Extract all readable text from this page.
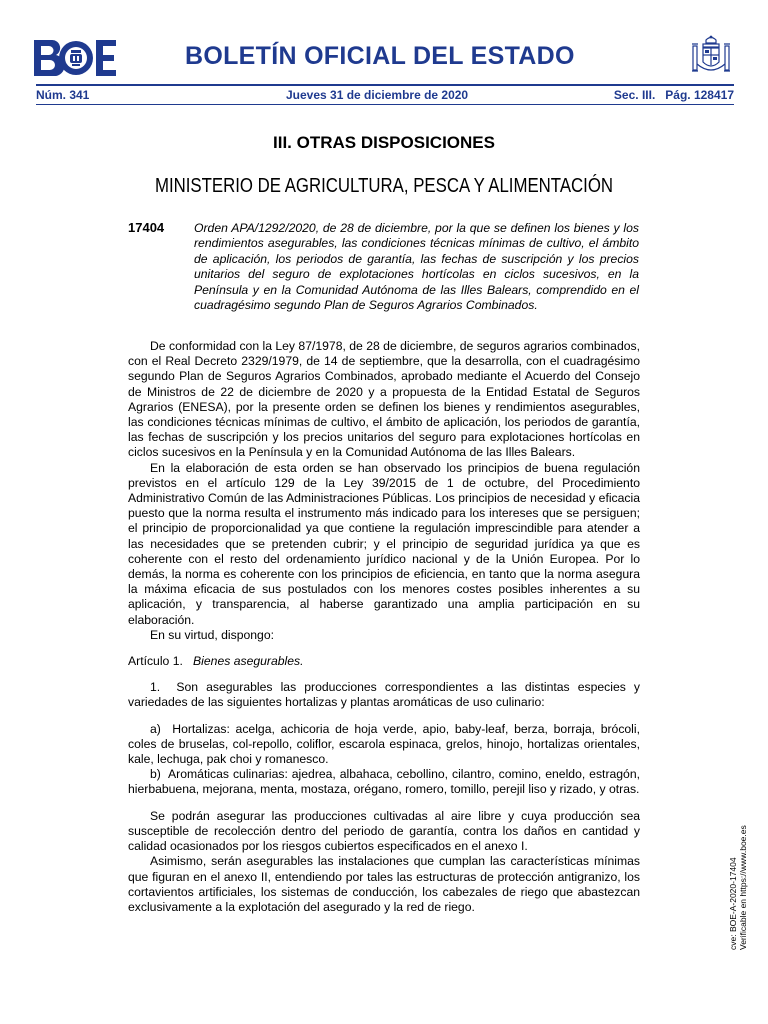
BOLETÍN OFICIAL DEL ESTADO
Núm. 341	Jueves 31 de diciembre de 2020	Sec. III.   Pág. 128417
III. OTRAS DISPOSICIONES
MINISTERIO DE AGRICULTURA, PESCA Y ALIMENTACIÓN
17404 Orden APA/1292/2020, de 28 de diciembre, por la que se definen los bienes y los rendimientos asegurables, las condiciones técnicas mínimas de cultivo, el ámbito de aplicación, los periodos de garantía, las fechas de suscripción y los precios unitarios del seguro de explotaciones hortícolas en ciclos sucesivos, en la Península y en la Comunidad Autónoma de las Illes Balears, comprendido en el cuadragésimo segundo Plan de Seguros Agrarios Combinados.

De conformidad con la Ley 87/1978, de 28 de diciembre, de seguros agrarios combinados, con el Real Decreto 2329/1979, de 14 de septiembre, que la desarrolla, con el cuadragésimo segundo Plan de Seguros Agrarios Combinados, aprobado mediante el Acuerdo del Consejo de Ministros de 22 de diciembre de 2020 y a propuesta de la Entidad Estatal de Seguros Agrarios (ENESA), por la presente orden se definen los bienes y rendimientos asegurables, las condiciones técnicas mínimas de cultivo, el ámbito de aplicación, los periodos de garantía, las fechas de suscripción y los precios unitarios del seguro para explotaciones hortícolas en ciclos sucesivos en la Península y en la Comunidad Autónoma de las Illes Balears.

En la elaboración de esta orden se han observado los principios de buena regulación previstos en el artículo 129 de la Ley 39/2015 de 1 de octubre, del Procedimiento Administrativo Común de las Administraciones Públicas. Los principios de necesidad y eficacia puesto que la norma resulta el instrumento más indicado para los intereses que se persiguen; el principio de proporcionalidad ya que contiene la regulación imprescindible para atender a las necesidades que se pretenden cubrir; y el principio de seguridad jurídica ya que es coherente con el resto del ordenamiento jurídico nacional y de la Unión Europea. Por lo demás, la norma es coherente con los principios de eficiencia, en tanto que la norma asegura la máxima eficacia de sus postulados con los menores costes posibles inherentes a su aplicación, y transparencia, al haberse garantizado una amplia participación en su elaboración.

En su virtud, dispongo:

Artículo 1. Bienes asegurables.

1.  Son asegurables las producciones correspondientes a las distintas especies y variedades de las siguientes hortalizas y plantas aromáticas de uso culinario:

a)  Hortalizas: acelga, achicoria de hoja verde, apio, baby-leaf, berza, borraja, brócoli, coles de bruselas, col-repollo, coliflor, escarola espinaca, grelos, hinojo, hortalizas orientales, kale, lechuga, pak choi y romanesco.

b)  Aromáticas culinarias: ajedrea, albahaca, cebollino, cilantro, comino, eneldo, estragón, hierbabuena, mejorana, menta, mostaza, orégano, romero, tomillo, perejil liso y rizado, y otras.

Se podrán asegurar las producciones cultivadas al aire libre y cuya producción sea susceptible de recolección dentro del periodo de garantía, contra los daños en cantidad y calidad ocasionados por los riesgos cubiertos especificados en el anexo I.

Asimismo, serán asegurables las instalaciones que cumplan las características mínimas que figuran en el anexo II, entendiendo por tales las estructuras de protección antigranizo, los cortavientos artificiales, los sistemas de conducción, los cabezales de riego que abastezcan exclusivamente a la explotación del asegurado y la red de riego.	cve: BOE-A-2020-17404 Verificable en https://www.boe.es
